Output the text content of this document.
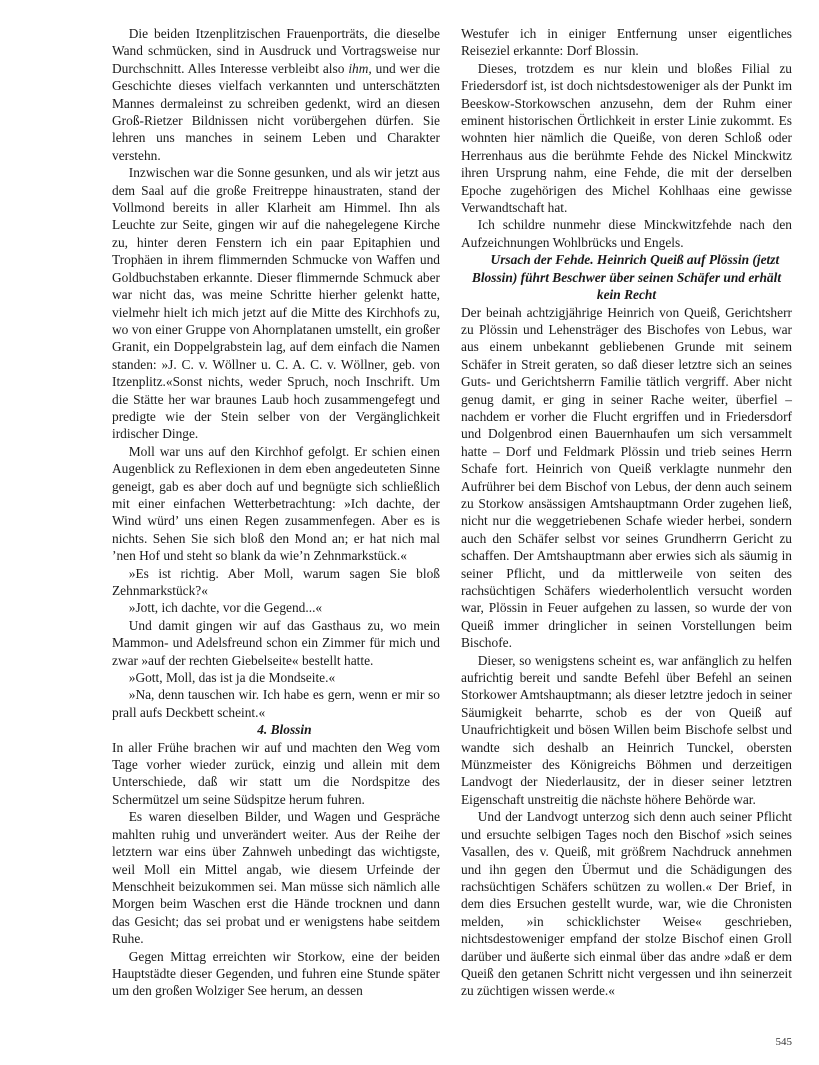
Die beiden Itzenplitzischen Frauenporträts, die dieselbe Wand schmücken, sind in Ausdruck und Vortragsweise nur Durchschnitt. Alles Interesse verbleibt also ihm, und wer die Geschichte dieses vielfach verkannten und unterschätzten Mannes dermaleinst zu schreiben gedenkt, wird an diesen Groß-Rietzer Bildnissen nicht vorübergehen dürfen. Sie lehren uns manches in seinem Leben und Charakter verstehn.

Inzwischen war die Sonne gesunken, und als wir jetzt aus dem Saal auf die große Freitreppe hinaustraten, stand der Vollmond bereits in aller Klarheit am Himmel. Ihn als Leuchte zur Seite, gingen wir auf die nahegelegene Kirche zu, hinter deren Fenstern ich ein paar Epitaphien und Trophäen in ihrem flimmernden Schmucke von Waffen und Goldbuchstaben erkannte. Dieser flimmernde Schmuck aber war nicht das, was meine Schritte hierher gelenkt hatte, vielmehr hielt ich mich jetzt auf die Mitte des Kirchhofs zu, wo von einer Gruppe von Ahornplatanen umstellt, ein großer Granit, ein Doppelgrabstein lag, auf dem einfach die Namen standen: »J. C. v. Wöllner u. C. A. C. v. Wöllner, geb. von Itzenplitz.«Sonst nichts, weder Spruch, noch Inschrift. Um die Stätte her war braunes Laub hoch zusammengefegt und predigte wie der Stein selber von der Vergänglichkeit irdischer Dinge.

Moll war uns auf den Kirchhof gefolgt. Er schien einen Augenblick zu Reflexionen in dem eben angedeuteten Sinne geneigt, gab es aber doch auf und begnügte sich schließlich mit einer einfachen Wetterbetrachtung: »Ich dachte, der Wind würd’ uns einen Regen zusammenfegen. Aber es is nichts. Sehen Sie sich bloß den Mond an; er hat nich mal ’nen Hof und steht so blank da wie’n Zehnmarkstück.«

»Es ist richtig. Aber Moll, warum sagen Sie bloß Zehnmarkstück?«

»Jott, ich dachte, vor die Gegend...«

Und damit gingen wir auf das Gasthaus zu, wo mein Mammon- und Adelsfreund schon ein Zimmer für mich und zwar »auf der rechten Giebelseite« bestellt hatte.

»Gott, Moll, das ist ja die Mondseite.«

»Na, denn tauschen wir. Ich habe es gern, wenn er mir so prall aufs Deckbett scheint.«

4. Blossin

In aller Frühe brachen wir auf und machten den Weg vom Tage vorher wieder zurück, einzig und allein mit dem Unterschiede, daß wir statt um die Nordspitze des Schermützel um seine Südspitze herum fuhren.

Es waren dieselben Bilder, und Wagen und Gespräche mahlten ruhig und unverändert weiter. Aus der Reihe der letztern war eins über Zahnweh unbedingt das wichtigste, weil Moll ein Mittel angab, wie diesem Urfeinde der Menschheit beizukommen sei. Man müsse sich nämlich alle Morgen beim Waschen erst die Hände trocknen und dann das Gesicht; das sei probat und er wenigstens habe seitdem Ruhe.

Gegen Mittag erreichten wir Storkow, eine der beiden Hauptstädte dieser Gegenden, und fuhren eine Stunde später um den großen Wolziger See herum, an dessen

Westufer ich in einiger Entfernung unser eigentliches Reiseziel erkannte: Dorf Blossin.

Dieses, trotzdem es nur klein und bloßes Filial zu Friedersdorf ist, ist doch nichtsdestoweniger als der Punkt im Beeskow-Storkowschen anzusehn, dem der Ruhm einer eminent historischen Örtlichkeit in erster Linie zukommt. Es wohnten hier nämlich die Queiße, von deren Schloß oder Herrenhaus aus die berühmte Fehde des Nickel Minckwitz ihren Ursprung nahm, eine Fehde, die mit der derselben Epoche zugehörigen des Michel Kohlhaas eine gewisse Verwandtschaft hat.

Ich schildre nunmehr diese Minckwitzfehde nach den Aufzeichnungen Wohlbrücks und Engels.

Ursach der Fehde. Heinrich Queiß auf Plössin (jetzt Blossin) führt Beschwer über seinen Schäfer und erhält kein Recht

Der beinah achtzigjährige Heinrich von Queiß, Gerichtsherr zu Plössin und Lehensträger des Bischofes von Lebus, war aus einem unbekannt gebliebenen Grunde mit seinem Schäfer in Streit geraten, so daß dieser letztre sich an seines Guts- und Gerichtsherrn Familie tätlich vergriff. Aber nicht genug damit, er ging in seiner Rache weiter, überfiel – nachdem er vorher die Flucht ergriffen und in Friedersdorf und Dolgenbrod einen Bauernhaufen um sich versammelt hatte – Dorf und Feldmark Plössin und trieb seines Herrn Schafe fort. Heinrich von Queiß verklagte nunmehr den Aufrührer bei dem Bischof von Lebus, der denn auch seinem zu Storkow ansässigen Amtshauptmann Order zugehen ließ, nicht nur die weggetriebenen Schafe wieder herbei, sondern auch den Schäfer selbst vor seines Grundherrn Gericht zu schaffen. Der Amtshauptmann aber erwies sich als säumig in seiner Pflicht, und da mittlerweile von seiten des rachsüchtigen Schäfers wiederholentlich versucht worden war, Plössin in Feuer aufgehen zu lassen, so wurde der von Queiß immer dringlicher in seinen Vorstellungen beim Bischofe.

Dieser, so wenigstens scheint es, war anfänglich zu helfen aufrichtig bereit und sandte Befehl über Befehl an seinen Storkower Amtshauptmann; als dieser letztre jedoch in seiner Säumigkeit beharrte, schob es der von Queiß auf Unaufrichtigkeit und bösen Willen beim Bischofe selbst und wandte sich deshalb an Heinrich Tunckel, obersten Münzmeister des Königreichs Böhmen und derzeitigen Landvogt der Niederlausitz, der in dieser seiner letztren Eigenschaft unstreitig die nächste höhere Behörde war.

Und der Landvogt unterzog sich denn auch seiner Pflicht und ersuchte selbigen Tages noch den Bischof »sich seines Vasallen, des v. Queiß, mit größrem Nachdruck annehmen und ihn gegen den Übermut und die Schädigungen des rachsüchtigen Schäfers schützen zu wollen.« Der Brief, in dem dies Ersuchen gestellt wurde, war, wie die Chronisten melden, »in schicklichster Weise« geschrieben, nichtsdestoweniger empfand der stolze Bischof einen Groll darüber und äußerte sich einmal über das andre »daß er dem Queiß den getanen Schritt nicht vergessen und ihn seinerzeit zu züchtigen wissen werde.«

545
